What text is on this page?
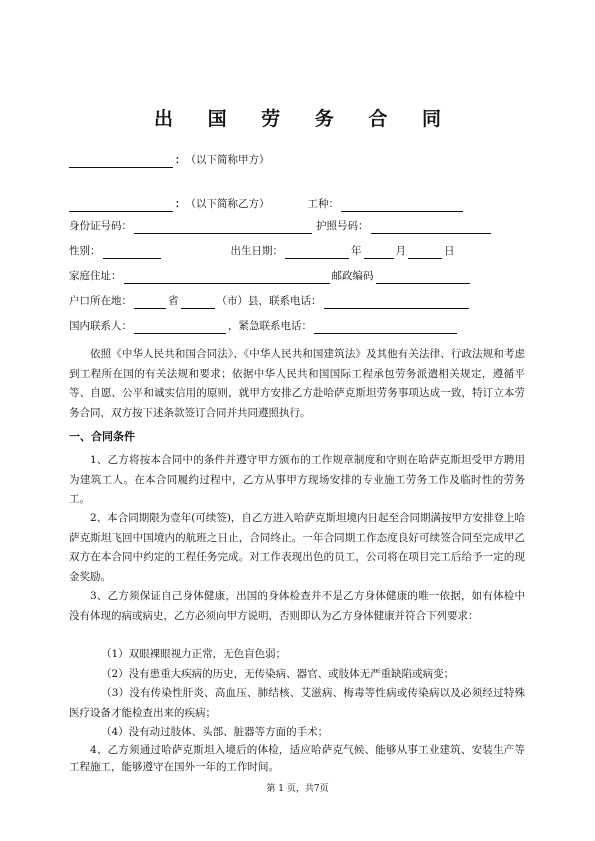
出 国 劳 务 合 同
：（以下简称甲方）
：（以下简称乙方）	工种：
身份证号码：	护照号码：
性别：	出生日期：	年	月	日
家庭住址：	邮政编码
户口所在地：	省	（市）县，联系电话：
国内联系人：	，紧急联系电话：
依照《中华人民共和国合同法》、《中华人民共和国建筑法》及其他有关法律、行政法规和考虑到工程所在国的有关法规和要求；依据中华人民共和国国际工程承包劳务派遣相关规定，遵循平等、自愿、公平和诚实信用的原则，就甲方安排乙方赴哈萨克斯坦劳务事项达成一致，特订立本劳务合同，双方按下述条款签订合同并共同遵照执行。
一、合同条件
1、乙方将按本合同中的条件并遵守甲方颁布的工作规章制度和守则在哈萨克斯坦受甲方聘用为建筑工人。在本合同履约过程中，乙方从事甲方现场安排的专业施工劳务工作及临时性的劳务工。
2、本合同期限为壹年(可续签)，自乙方进入哈萨克斯坦境内日起至合同期满按甲方安排登上哈萨克斯坦飞回中国境内的航班之日止，合同终止。一年合同期工作态度良好可续签合同至完成甲乙双方在本合同中约定的工程任务完成。对工作表现出色的员工，公司将在项目完工后给予一定的现金奖励。
3、乙方须保证自己身体健康，出国的身体检查并不是乙方身体健康的唯一依据，如有体检中没有体现的病或病史，乙方必须向甲方说明，否则即认为乙方身体健康并符合下列要求：
（1）双眼裸眼视力正常，无色盲色弱；
（2）没有患重大疾病的历史，无传染病、器官、或肢体无严重缺陷或病变；
（3）没有传染性肝炎、高血压、肺结核、艾滋病、梅毒等性病或传染病以及必须经过特殊医疗设备才能检查出来的疾病；
（4）没有动过肢体、头部、脏器等方面的手术；
第 1 页，共7页
4、乙方须通过哈萨克斯坦入境后的体检，适应哈萨克气候、能够从事工业建筑、安装生产等工程施工，能够遵守在国外一年的工作时间。
